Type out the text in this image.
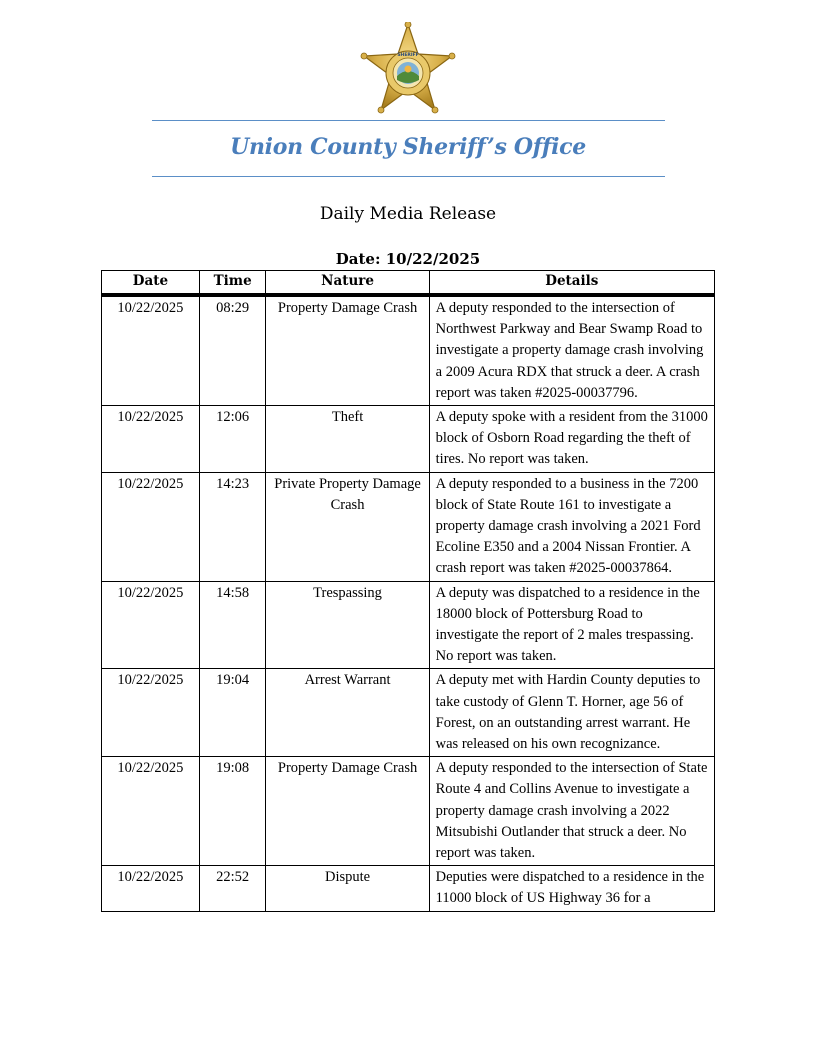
SHERIFF
Union County Sheriff’s Office
Daily Media Release
Date: 10/22/2025
Date	Time	Nature	Details
10/22/2025	08:29	Property Damage Crash	A deputy responded to the intersection of Northwest Parkway and Bear Swamp Road to investigate a property damage crash involving a 2009 Acura RDX that struck a deer. A crash report was taken #2025-00037796.
10/22/2025	12:06	Theft	A deputy spoke with a resident from the 31000 block of Osborn Road regarding the theft of tires. No report was taken.
10/22/2025	14:23	Private Property Damage Crash	A deputy responded to a business in the 7200 block of State Route 161 to investigate a property damage crash involving a 2021 Ford Ecoline E350 and a 2004 Nissan Frontier. A crash report was taken #2025-00037864.
10/22/2025	14:58	Trespassing	A deputy was dispatched to a residence in the 18000 block of Pottersburg Road to investigate the report of 2 males trespassing. No report was taken.
10/22/2025	19:04	Arrest Warrant	A deputy met with Hardin County deputies to take custody of Glenn T. Horner, age 56 of Forest, on an outstanding arrest warrant. He was released on his own recognizance.
10/22/2025	19:08	Property Damage Crash	A deputy responded to the intersection of State Route 4 and Collins Avenue to investigate a property damage crash involving a 2022 Mitsubishi Outlander that struck a deer. No report was taken.
10/22/2025	22:52	Dispute	Deputies were dispatched to a residence in the 11000 block of US Highway 36 for a
